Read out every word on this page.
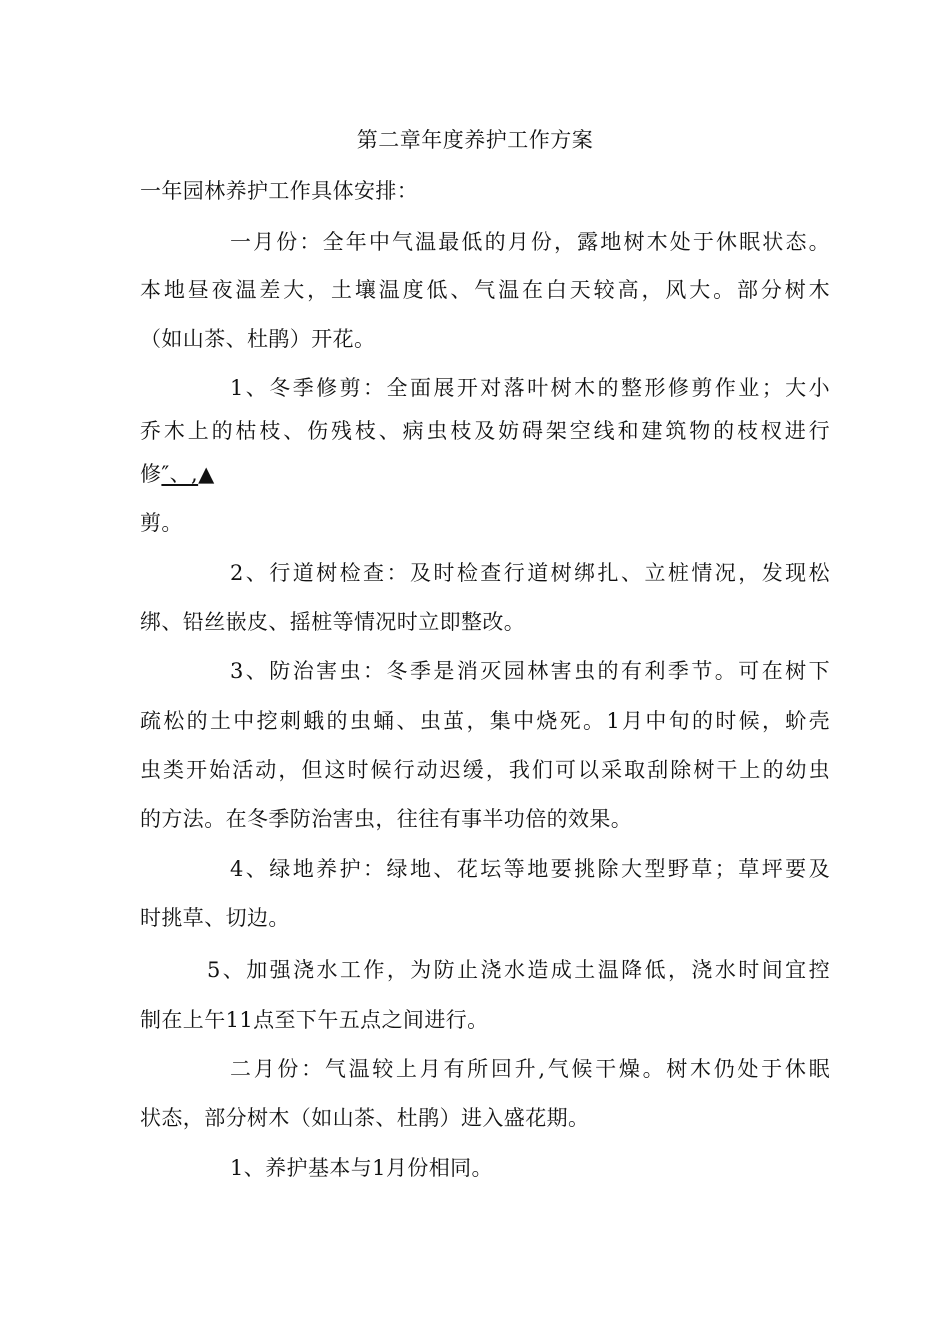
第二章年度养护工作方案
一年园林养护工作具体安排：
一月份：全年中气温最低的月份，露地树木处于休眠状态。
本地昼夜温差大，土壤温度低、气温在白天较高，风大。部分树木
（如山茶、杜鹃）开花。
1、冬季修剪：全面展开对落叶树木的整形修剪作业；大小
乔木上的枯枝、伤残枝、病虫枝及妨碍架空线和建筑物的枝杈进行
修″、,▲
剪。
2、行道树检查：及时检查行道树绑扎、立桩情况，发现松
绑、铅丝嵌皮、摇桩等情况时立即整改。
3、防治害虫：冬季是消灭园林害虫的有利季节。可在树下
疏松的土中挖刺蛾的虫蛹、虫茧，集中烧死。1月中旬的时候，蚧壳
虫类开始活动，但这时候行动迟缓，我们可以采取刮除树干上的幼虫
的方法。在冬季防治害虫，往往有事半功倍的效果。
4、绿地养护：绿地、花坛等地要挑除大型野草；草坪要及
时挑草、切边。
5、加强浇水工作，为防止浇水造成土温降低，浇水时间宜控
制在上午11点至下午五点之间进行。
二月份：气温较上月有所回升,气候干燥。树木仍处于休眠
状态，部分树木（如山茶、杜鹃）进入盛花期。
1、养护基本与1月份相同。
